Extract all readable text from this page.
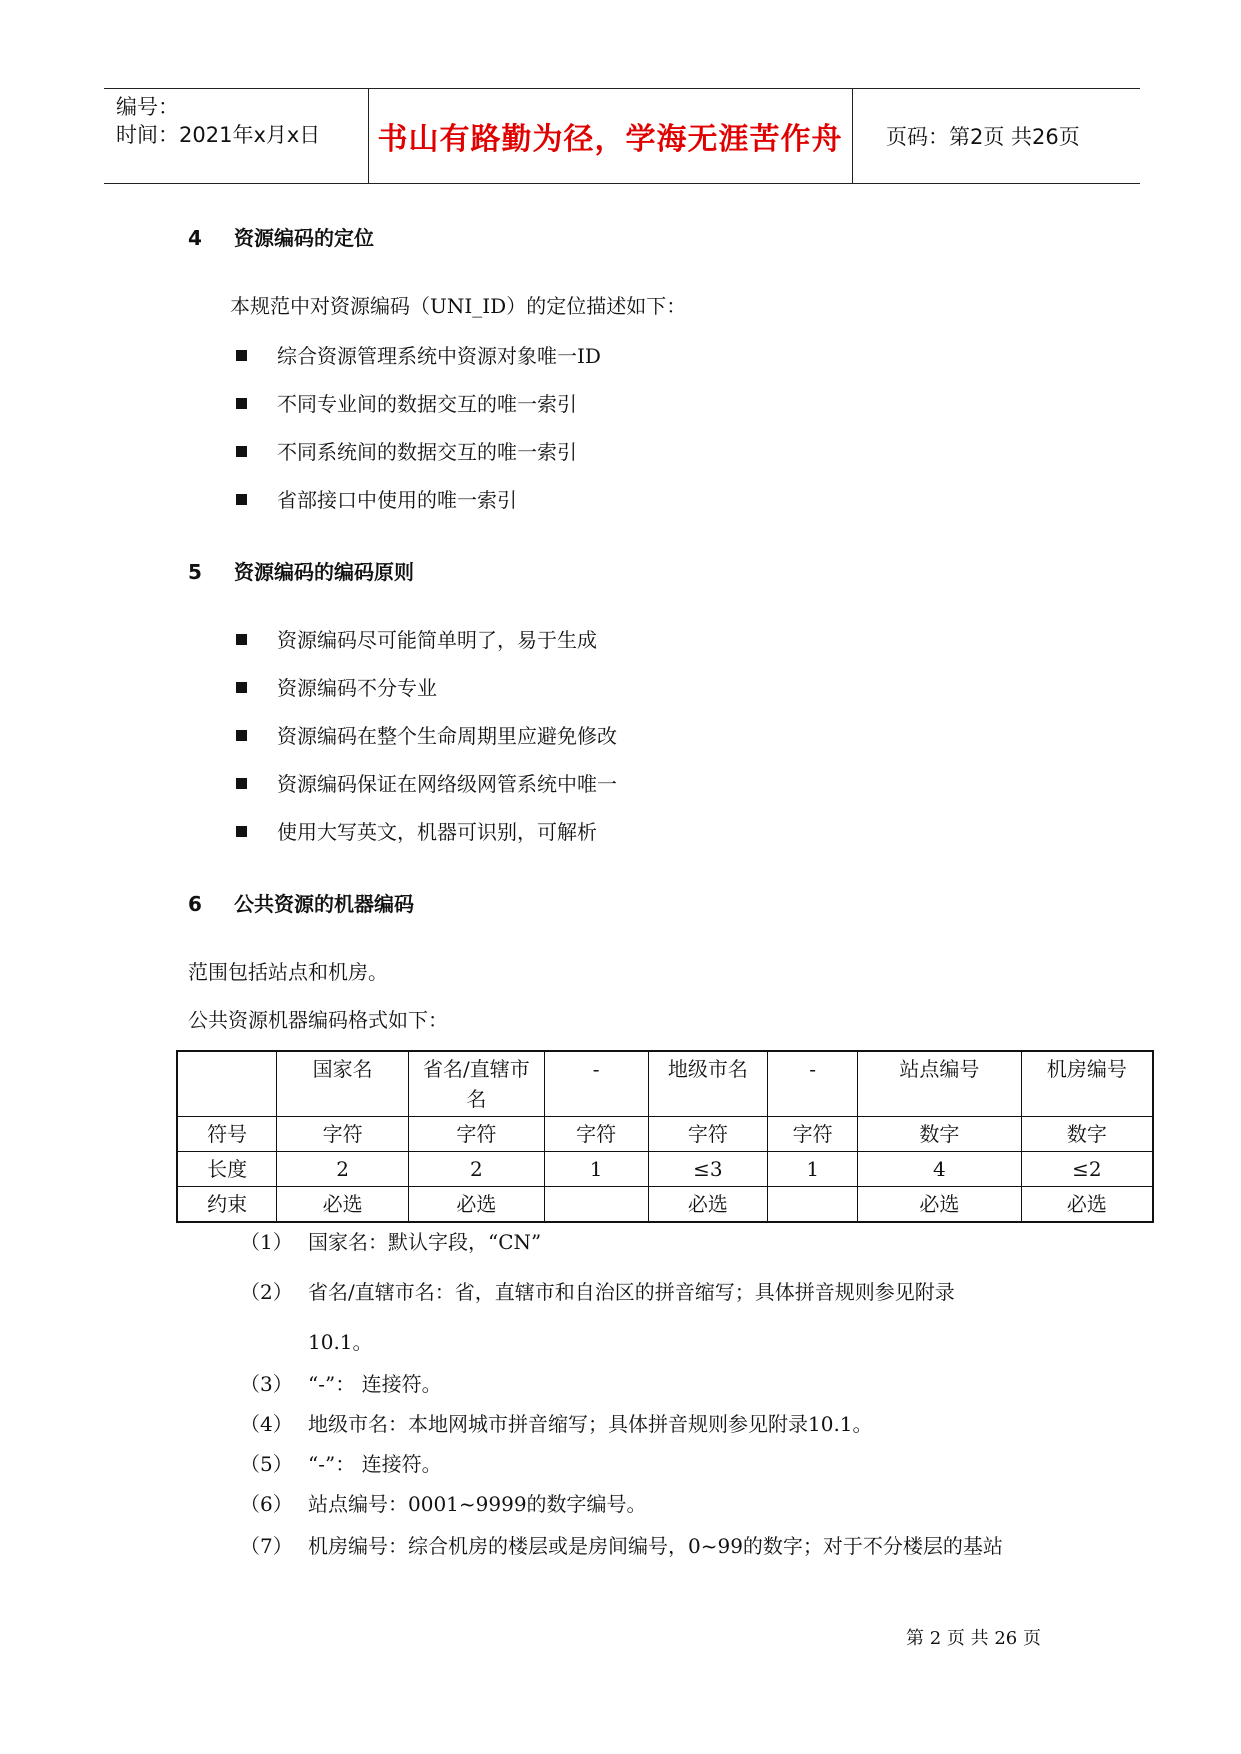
编号：
时间：2021年x月x日	书山有路勤为径，学海无涯苦作舟	页码：第2页 共26页
4 资源编码的定位
本规范中对资源编码（UNI_ID）的定位描述如下：
综合资源管理系统中资源对象唯一ID
不同专业间的数据交互的唯一索引
不同系统间的数据交互的唯一索引
省部接口中使用的唯一索引
5 资源编码的编码原则
资源编码尽可能简单明了，易于生成
资源编码不分专业
资源编码在整个生命周期里应避免修改
资源编码保证在网络级网管系统中唯一
使用大写英文，机器可识别，可解析
6 公共资源的机器编码
范围包括站点和机房。
公共资源机器编码格式如下：
	国家名	省名/直辖市名	-	地级市名	-	站点编号	机房编号
符号	字符	字符	字符	字符	字符	数字	数字
长度	2	2	1	≤3	1	4	≤2
约束	必选	必选		必选		必选	必选
（1） 国家名：默认字段，“CN”
（2） 省名/直辖市名：省，直辖市和自治区的拼音缩写；具体拼音规则参见附录
10.1。
（3） “-”： 连接符。
（4） 地级市名：本地网城市拼音缩写；具体拼音规则参见附录10.1。
（5） “-”： 连接符。
（6） 站点编号：0001~9999的数字编号。
（7） 机房编号：综合机房的楼层或是房间编号，0~99的数字；对于不分楼层的基站
第 2 页 共 26 页
